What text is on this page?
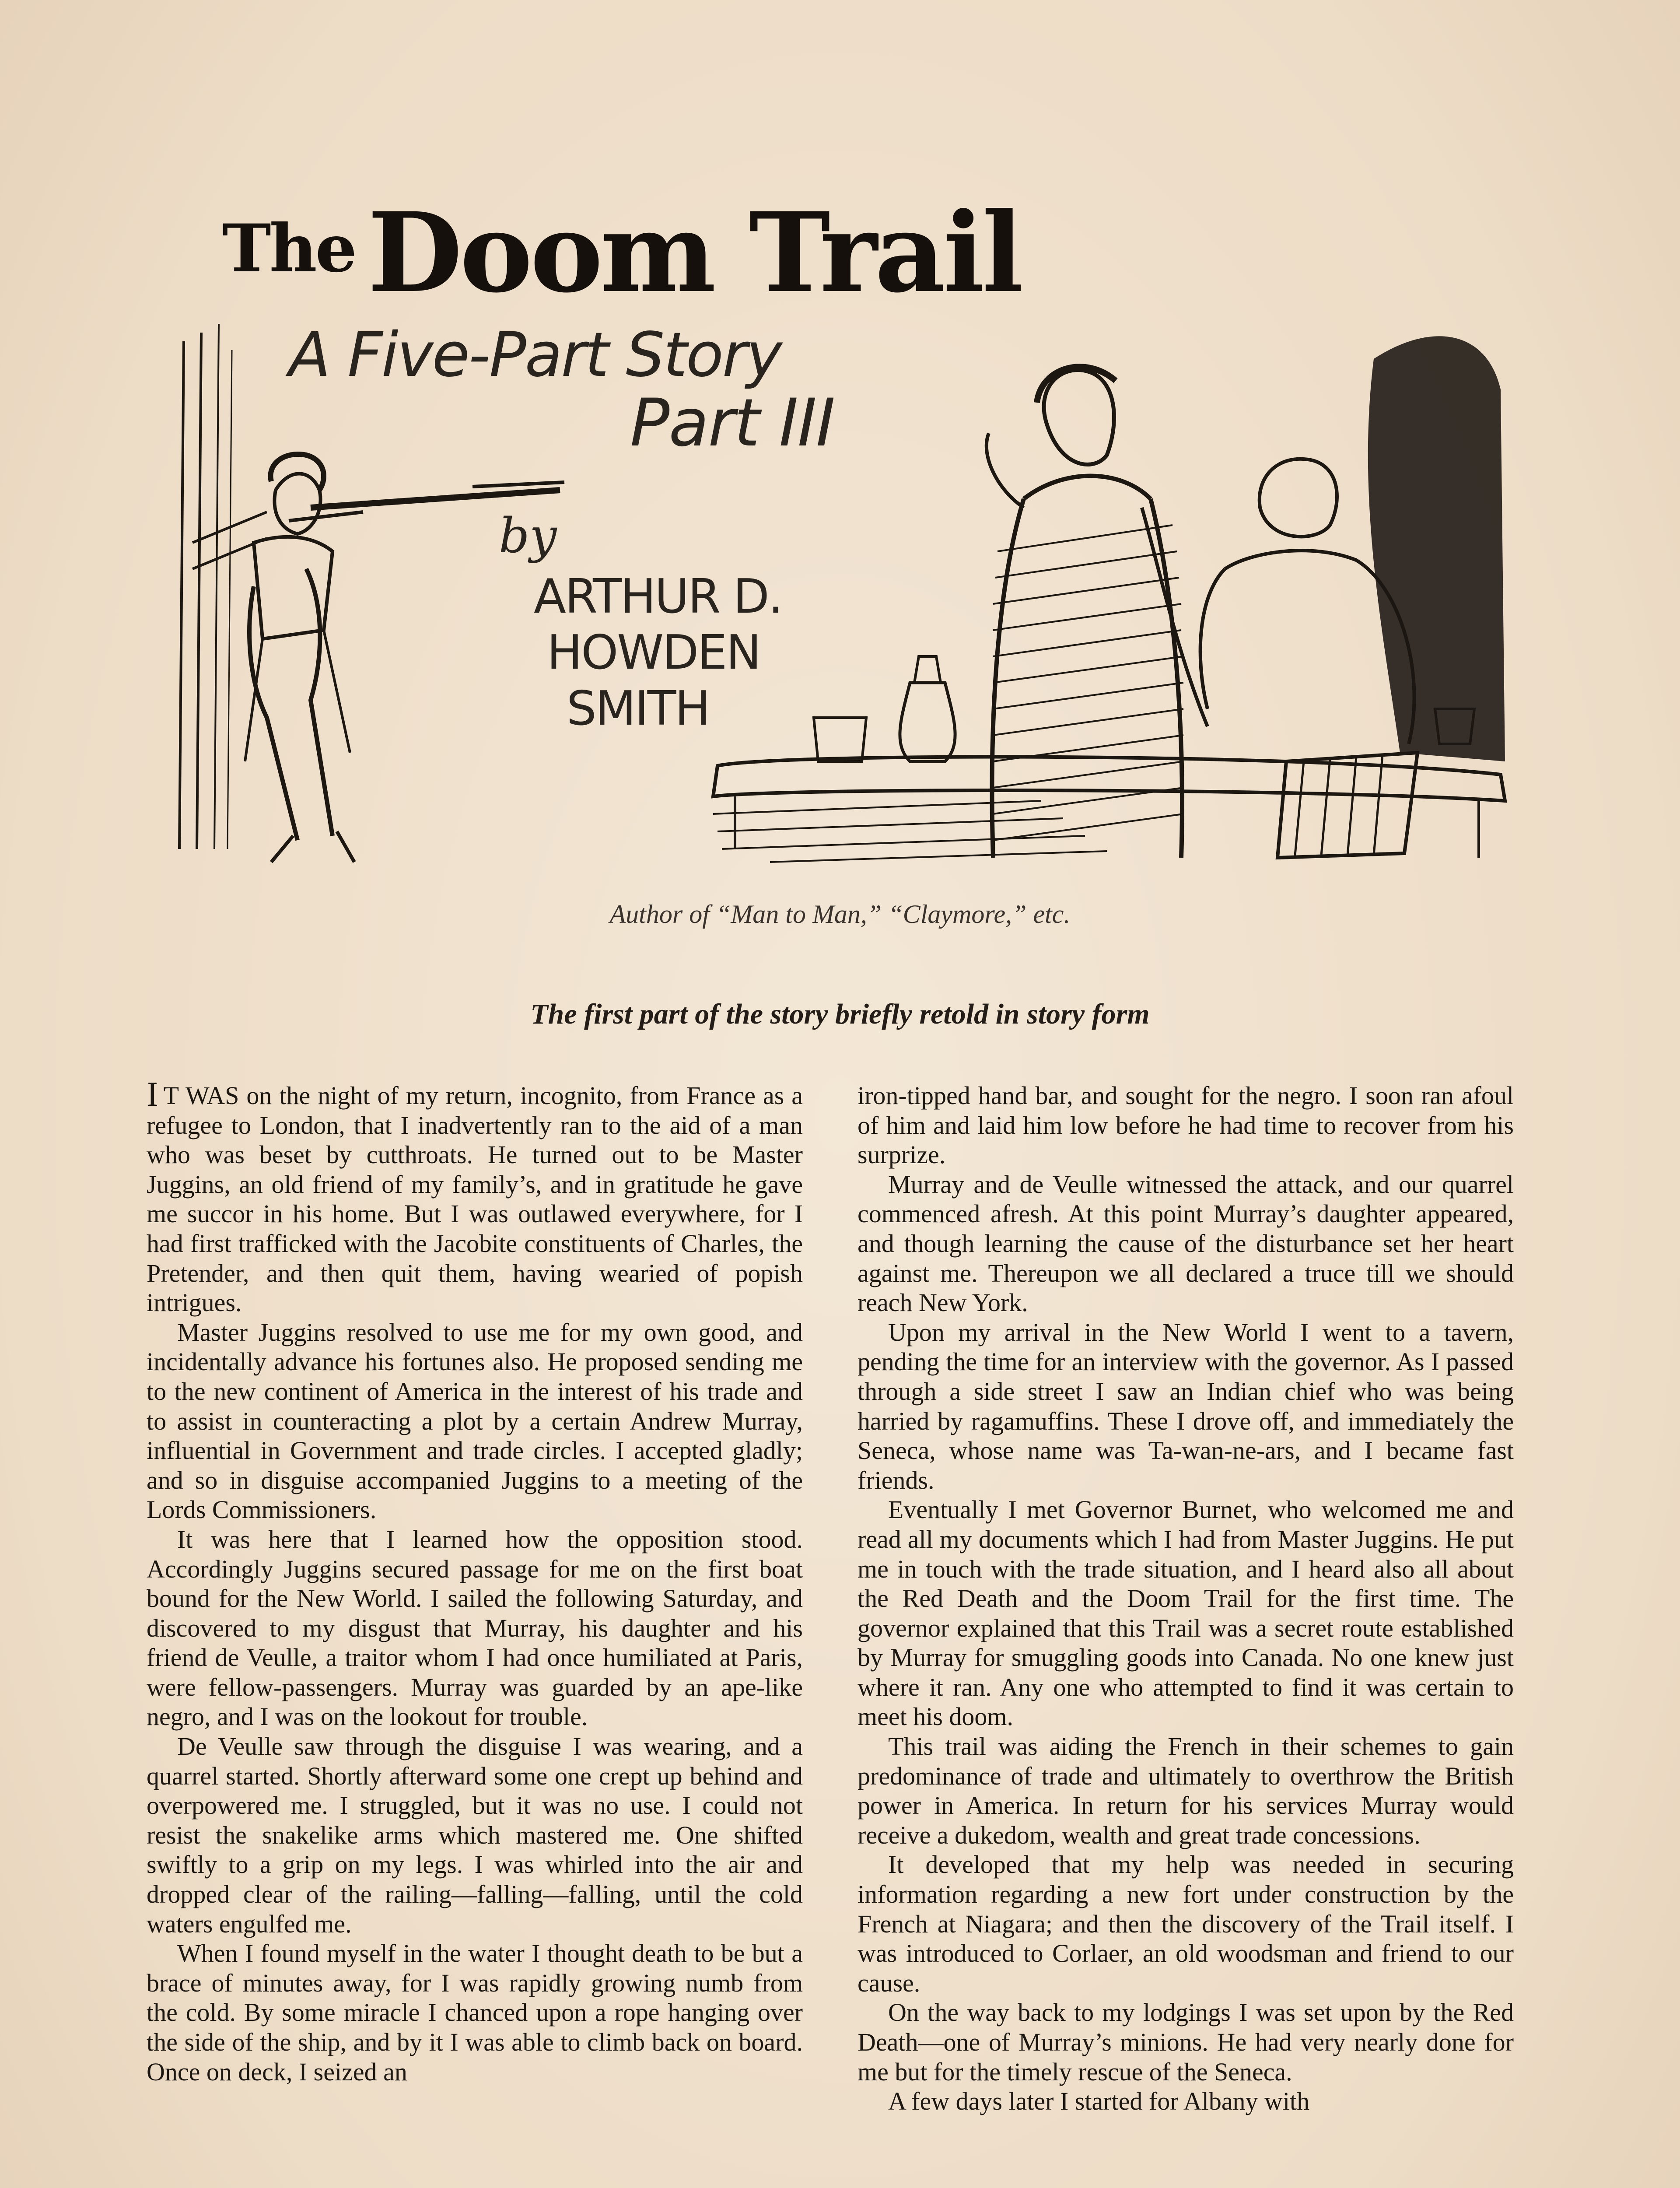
The Doom Trail
A Five-Part Story
Part III
by
ARTHUR D.
HOWDEN
SMITH
Author of “Man to Man,” “Claymore,” etc.
The first part of the story briefly retold in story form

I T WAS on the night of my return, incognito, from France as a refugee to London, that I inadvertently ran to the aid of a man who was beset by cutthroats. He turned out to be Master Juggins, an old friend of my family’s, and in gratitude he gave me succor in his home. But I was outlawed everywhere, for I had first trafficked with the Jacobite constituents of Charles, the Pretender, and then quit them, having wearied of popish intrigues.

Master Juggins resolved to use me for my own good, and incidentally advance his fortunes also. He proposed sending me to the new continent of America in the interest of his trade and to assist in counteracting a plot by a certain Andrew Murray, influential in Government and trade circles. I accepted gladly; and so in disguise accompanied Juggins to a meeting of the Lords Commissioners.

It was here that I learned how the opposition stood. Accordingly Juggins secured passage for me on the first boat bound for the New World. I sailed the following Saturday, and discovered to my disgust that Murray, his daughter and his friend de Veulle, a traitor whom I had once humiliated at Paris, were fellow-passengers. Murray was guarded by an ape-like negro, and I was on the lookout for trouble.

De Veulle saw through the disguise I was wearing, and a quarrel started. Shortly afterward some one crept up behind and overpowered me. I struggled, but it was no use. I could not resist the snakelike arms which mastered me. One shifted swiftly to a grip on my legs. I was whirled into the air and dropped clear of the railing—falling—falling, until the cold waters engulfed me.

When I found myself in the water I thought death to be but a brace of minutes away, for I was rapidly growing numb from the cold. By some miracle I chanced upon a rope hanging over the side of the ship, and by it I was able to climb back on board. Once on deck, I seized an

iron-tipped hand bar, and sought for the negro. I soon ran afoul of him and laid him low before he had time to recover from his surprize.

Murray and de Veulle witnessed the attack, and our quarrel commenced afresh. At this point Murray’s daughter appeared, and though learning the cause of the disturbance set her heart against me. Thereupon we all declared a truce till we should reach New York.

Upon my arrival in the New World I went to a tavern, pending the time for an interview with the governor. As I passed through a side street I saw an Indian chief who was being harried by ragamuffins. These I drove off, and immediately the Seneca, whose name was Ta-wan-ne-ars, and I became fast friends.

Eventually I met Governor Burnet, who welcomed me and read all my documents which I had from Master Juggins. He put me in touch with the trade situation, and I heard also all about the Red Death and the Doom Trail for the first time. The governor explained that this Trail was a secret route established by Murray for smuggling goods into Canada. No one knew just where it ran. Any one who attempted to find it was certain to meet his doom.

This trail was aiding the French in their schemes to gain predominance of trade and ultimately to overthrow the British power in America. In return for his services Murray would receive a dukedom, wealth and great trade concessions.

It developed that my help was needed in securing information regarding a new fort under construction by the French at Niagara; and then the discovery of the Trail itself. I was introduced to Corlaer, an old woodsman and friend to our cause.

On the way back to my lodgings I was set upon by the Red Death—one of Murray’s minions. He had very nearly done for me but for the timely rescue of the Seneca.

A few days later I started for Albany with
